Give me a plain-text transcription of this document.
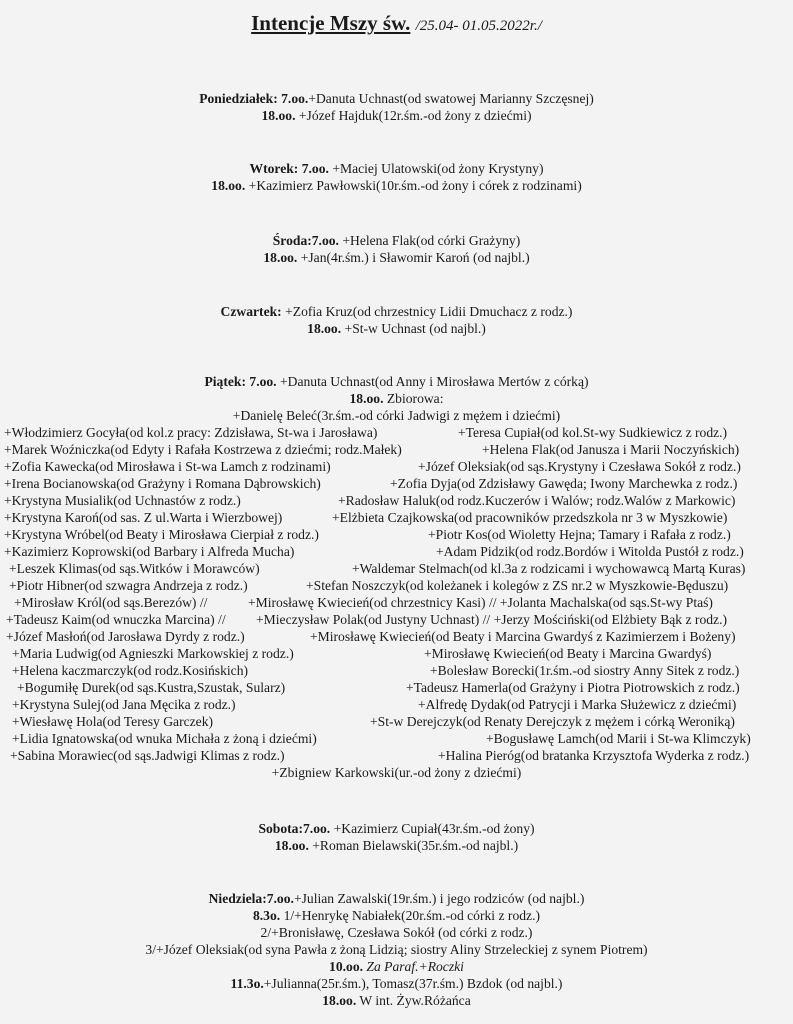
Intencje Mszy św. /25.04- 01.05.2022r./
Poniedziałek: 7.oo.+Danuta Uchnast(od swatowej Marianny Szczęsnej)
18.oo. +Józef Hajduk(12r.śm.-od żony z dziećmi)
Wtorek: 7.oo. +Maciej Ulatowski(od żony Krystyny)
18.oo. +Kazimierz Pawłowski(10r.śm.-od żony i córek z rodzinami)
Środa:7.oo. +Helena Flak(od córki Grażyny)
18.oo. +Jan(4r.śm.) i Sławomir Karoń (od najbl.)
Czwartek: +Zofia Kruz(od chrzestnicy Lidii Dmuchacz z rodz.)
18.oo. +St-w Uchnast (od najbl.)
Piątek: 7.oo. +Danuta Uchnast(od Anny i Mirosława Mertów z córką)
18.oo. Zbiorowa:
+Danielę Beleć(3r.śm.-od córki Jadwigi z mężem i dziećmi)
+Włodzimierz Gocyła(od kol.z pracy: Zdzisława, St-wa i Jarosława)
+Marek Woźniczka(od Edyty i Rafała Kostrzewa z dziećmi; rodz.Małek)
+Zofia Kawecka(od Mirosława i St-wa Lamch z rodzinami)
+Irena Bocianowska(od Grażyny i Romana Dąbrowskich)
+Krystyna Musialik(od Uchnastów z rodz.)
+Krystyna Karoń(od sas. Z ul.Warta i Wierzbowej)
+Krystyna Wróbel(od Beaty i Mirosława Cierpiał z rodz.)
+Kazimierz Koprowski(od Barbary i Alfreda Mucha)
+Leszek Klimas(od sąs.Witków i Morawców)
+Piotr Hibner(od szwagra Andrzeja z rodz.)
+Mirosław Król(od sąs.Berezów) //
+Tadeusz Kaim(od wnuczka Marcina) //
+Józef Masłoń(od Jarosława Dyrdy z rodz.)
+Maria Ludwig(od Agnieszki Markowskiej z rodz.)
+Helena kaczmarczyk(od rodz.Kosińskich)
+Bogumiłę Durek(od sąs.Kustra,Szustak, Sularz)
+Krystyna Sulej(od Jana Męcika z rodz.)
+Wiesławę Hola(od Teresy Garczek)
+Lidia Ignatowska(od wnuka Michała z żoną i dziećmi)
+Sabina Morawiec(od sąs.Jadwigi Klimas z rodz.)
+Teresa Cupiał(od kol.St-wy Sudkiewicz z rodz.)
+Helena Flak(od Janusza i Marii Noczyńskich)
+Józef Oleksiak(od sąs.Krystyny i Czesława Sokół z rodz.)
+Zofia Dyja(od Zdzisławy Gawęda; Iwony Marchewka z rodz.)
+Radosław Haluk(od rodz.Kuczerów i Walów; rodz.Walów z Markowic)
+Elżbieta Czajkowska(od pracowników przedszkola nr 3 w Myszkowie)
+Piotr Kos(od Wioletty Hejna; Tamary i Rafała z rodz.)
+Adam Pidzik(od rodz.Bordów i Witolda Pustół z rodz.)
+Waldemar Stelmach(od kl.3a z rodzicami i wychowawcą Martą Kuras)
+Stefan Noszczyk(od koleżanek i kolegów z ZS nr.2 w Myszkowie-Będuszu)
+Mirosławę Kwiecień(od chrzestnicy Kasi) // +Jolanta Machalska(od sąs.St-wy Ptaś)
+Mieczysław Polak(od Justyny Uchnast) // +Jerzy Mościński(od Elżbiety Bąk z rodz.)
+Mirosławę Kwiecień(od Beaty i Marcina Gwardyś z Kazimierzem i Bożeny)
+Mirosławę Kwiecień(od Beaty i Marcina Gwardyś)
+Bolesław Borecki(1r.śm.-od siostry Anny Sitek z rodz.)
+Tadeusz Hamerla(od Grażyny i Piotra Piotrowskich z rodz.)
+Alfredę Dydak(od Patrycji i Marka Służewicz z dziećmi)
+St-w Derejczyk(od Renaty Derejczyk z mężem i córką Weroniką)
+Bogusławę Lamch(od Marii i St-wa Klimczyk)
+Halina Pieróg(od bratanka Krzysztofa Wyderka z rodz.)
+Zbigniew Karkowski(ur.-od żony z dziećmi)
Sobota:7.oo. +Kazimierz Cupiał(43r.śm.-od żony)
18.oo. +Roman Bielawski(35r.śm.-od najbl.)
Niedziela:7.oo.+Julian Zawalski(19r.śm.) i jego rodziców (od najbl.)
8.3o. 1/+Henrykę Nabiałek(20r.śm.-od córki z rodz.)
2/+Bronisławę, Czesława Sokół (od córki z rodz.)
3/+Józef Oleksiak(od syna Pawła z żoną Lidzią; siostry Aliny Strzeleckiej z synem Piotrem)
10.oo. Za Paraf.+Roczki
11.3o.+Julianna(25r.śm.), Tomasz(37r.śm.) Bzdok (od najbl.)
18.oo. W int. Żyw.Różańca
